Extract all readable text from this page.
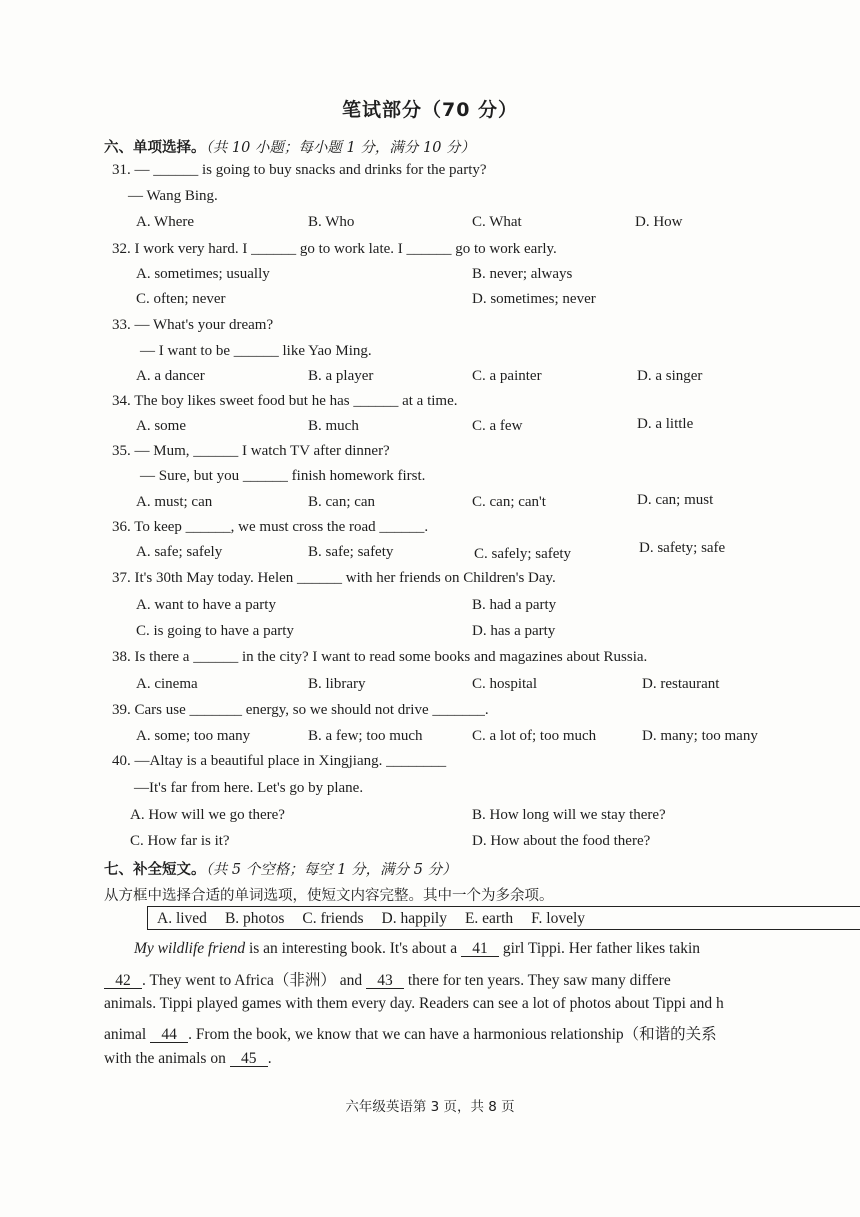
笔试部分（70 分）
六、单项选择。（共 10 小题；每小题 1 分，满分 10 分）
31. — ______ is going to buy snacks and drinks for the party?
— Wang Bing.
A. Where	B. Who	C. What	D. How
32. I work very hard. I ______ go to work late. I ______ go to work early.
A. sometimes; usually	B. never; always
C. often; never	D. sometimes; never
33. — What's your dream?
— I want to be ______ like Yao Ming.
A. a dancer	B. a player	C. a painter	D. a singer
34. The boy likes sweet food but he has ______ at a time.
A. some	B. much	C. a few	D. a little
35. — Mum, ______ I watch TV after dinner?
— Sure, but you ______ finish homework first.
A. must; can	B. can; can	C. can; can't	D. can; must
36. To keep ______, we must cross the road ______.
A. safe; safely	B. safe; safety	C. safely; safety	D. safety; safe
37. It's 30th May today. Helen ______ with her friends on Children's Day.
A. want to have a party	B. had a party
C. is going to have a party	D. has a party
38. Is there a ______ in the city? I want to read some books and magazines about Russia.
A. cinema	B. library	C. hospital	D. restaurant
39. Cars use _______ energy, so we should not drive _______.
A. some; too many	B. a few; too much	C. a lot of; too much	D. many; too many
40. —Altay is a beautiful place in Xingjiang. ________
—It's far from here. Let's go by plane.
A. How will we go there?	B. How long will we stay there?
C. How far is it?	D. How about the food there?
七、补全短文。（共 5 个空格；每空 1 分，满分 5 分）
从方框中选择合适的单词选项，使短文内容完整。其中一个为多余项。
A. lived B. photos C. friends D. happily E. earth F. lovely
My wildlife friend is an interesting book. It's about a 41 girl Tippi. Her father likes takin
42 . They went to Africa（非洲） and 43 there for ten years. They saw many differe
animals. Tippi played games with them every day. Readers can see a lot of photos about Tippi and h
animal 44 . From the book, we know that we can have a harmonious relationship（和谐的关系
with the animals on 45 .
六年级英语第 3 页，共 8 页
